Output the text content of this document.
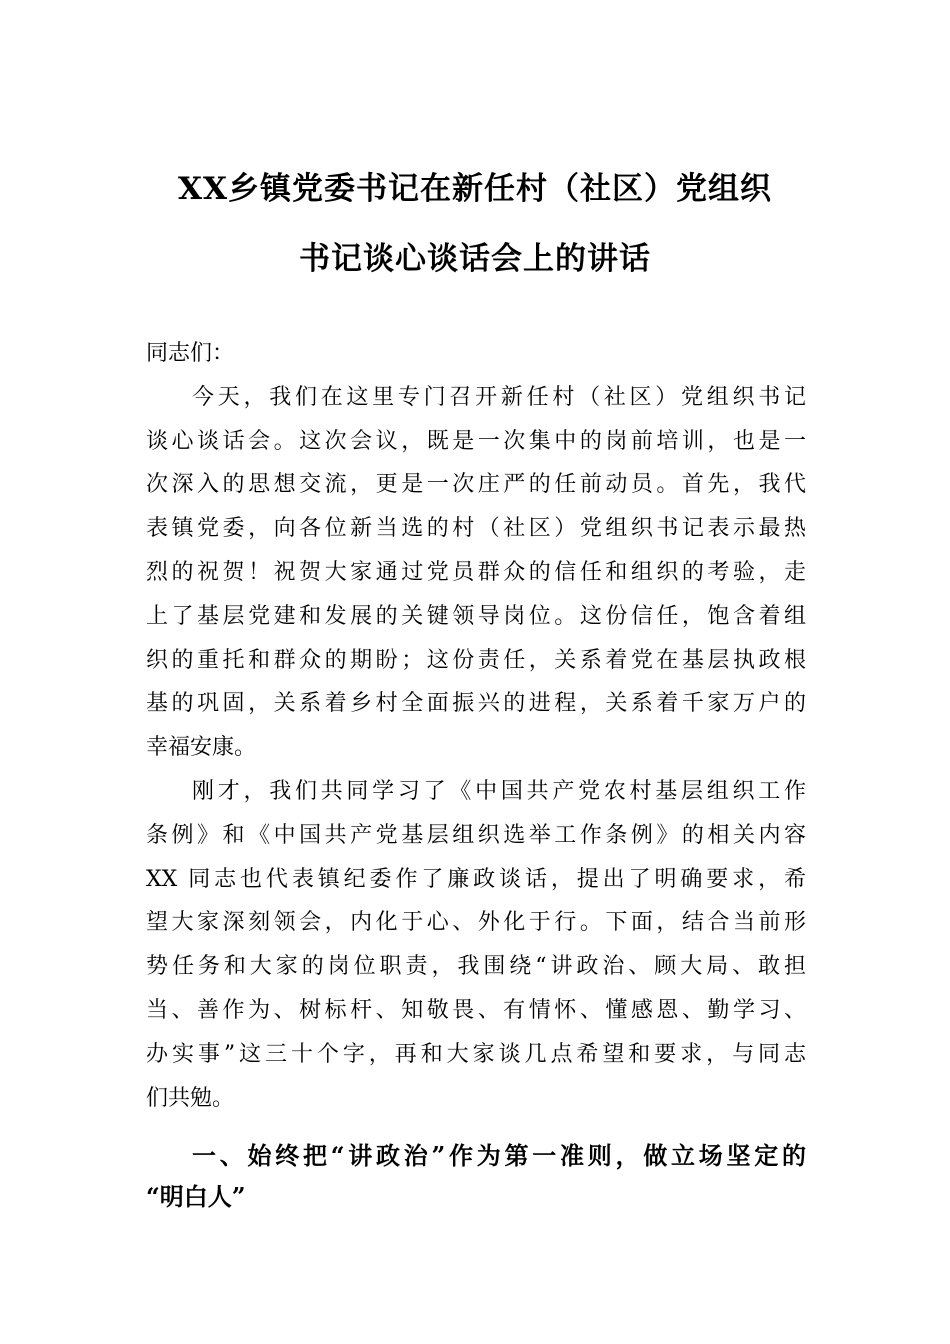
XX乡镇党委书记在新任村（社区）党组织
书记谈心谈话会上的讲话
同志们：
今天，我们在这里专门召开新任村（社区）党组织书记
谈心谈话会。这次会议，既是一次集中的岗前培训，也是一
次深入的思想交流，更是一次庄严的任前动员。首先，我代
表镇党委，向各位新当选的村（社区）党组织书记表示最热
烈的祝贺！祝贺大家通过党员群众的信任和组织的考验，走
上了基层党建和发展的关键领导岗位。这份信任，饱含着组
织的重托和群众的期盼；这份责任，关系着党在基层执政根
基的巩固，关系着乡村全面振兴的进程，关系着千家万户的
幸福安康。
刚才，我们共同学习了《中国共产党农村基层组织工作
条例》和《中国共产党基层组织选举工作条例》的相关内容
XX 同志也代表镇纪委作了廉政谈话，提出了明确要求，希
望大家深刻领会，内化于心、外化于行。下面，结合当前形
势任务和大家的岗位职责，我围绕“讲政治、顾大局、敢担
当、善作为、树标杆、知敬畏、有情怀、懂感恩、勤学习、
办实事”这三十个字，再和大家谈几点希望和要求，与同志
们共勉。
一、始终把“讲政治”作为第一准则，做立场坚定的
“明白人”
